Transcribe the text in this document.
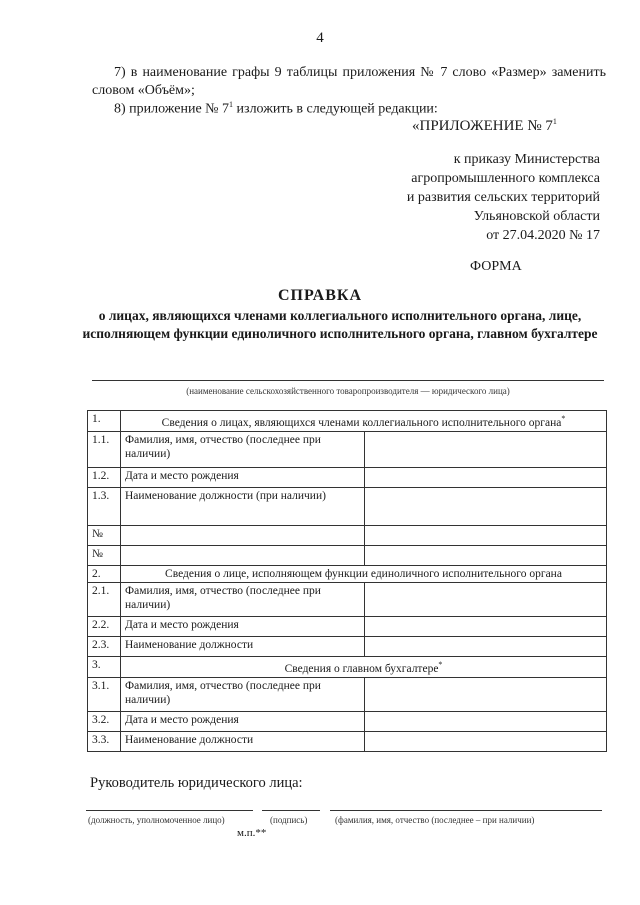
4
7) в наименование графы 9 таблицы приложения № 7 слово «Размер» заменить словом «Объём»;
8) приложение № $7^1$ изложить в следующей редакции:
«ПРИЛОЖЕНИЕ № $7^1$
к приказу Министерства
агропромышленного комплекса
и развития сельских территорий
Ульяновской области
от 27.04.2020 № 17
ФОРМА
СПРАВКА
о лицах, являющихся членами коллегиального исполнительного органа, лице, исполняющем функции единоличного исполнительного органа, главном бухгалтере
(наименование сельскохозяйственного товаропроизводителя — юридического лица)
1.	Сведения о лицах, являющихся членами коллегиального исполнительного органа*
1.1.	Фамилия, имя, отчество (последнее при наличии)	
1.2.	Дата и место рождения	
1.3.	Наименование должности (при наличии)	
№		
№		
2.	Сведения о лице, исполняющем функции единоличного исполнительного органа	
2.1.	Фамилия, имя, отчество (последнее при наличии)	
2.2.	Дата и место рождения	
2.3.	Наименование должности	
3.	Сведения о главном бухгалтере*
3.1.	Фамилия, имя, отчество (последнее при наличии)	
3.2.	Дата и место рождения	
3.3.	Наименование должности	
Руководитель юридического лица:
(должность, уполномоченное лицо)	(подпись)	(фамилия, имя, отчество (последнее – при наличии)
м.п.**
